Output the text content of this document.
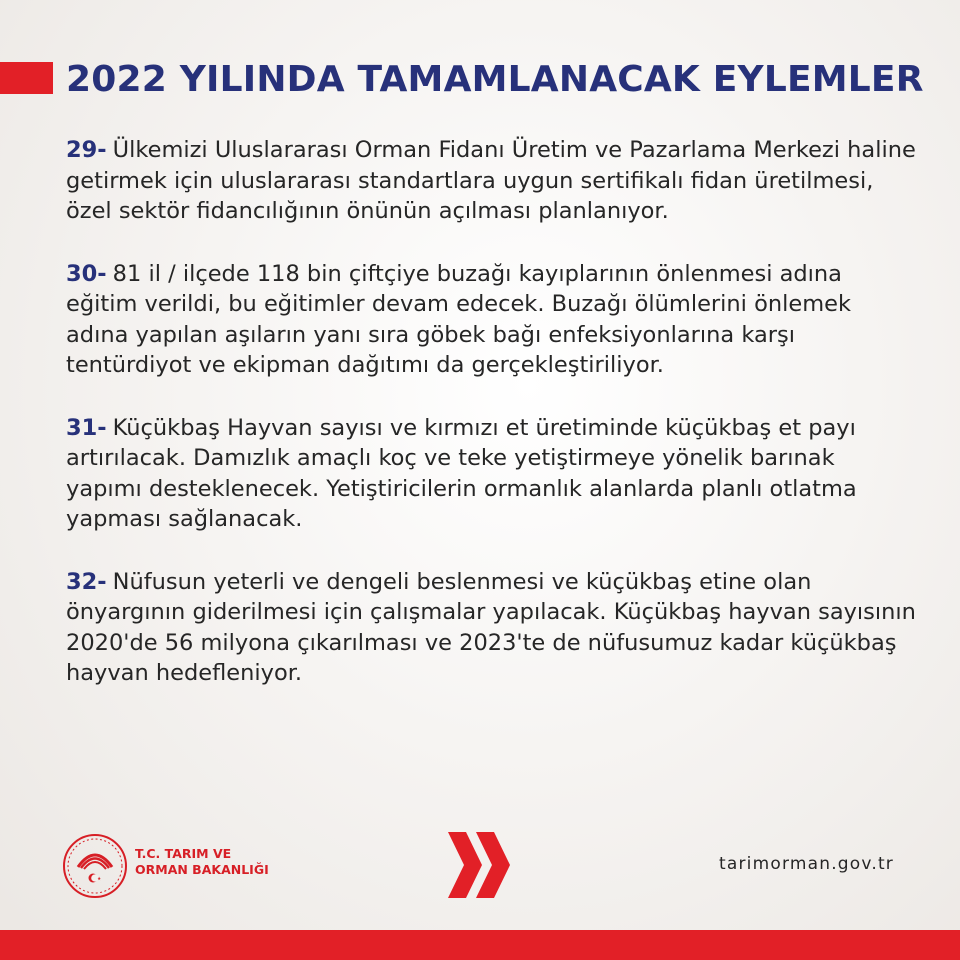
2022 YILINDA TAMAMLANACAK EYLEMLER

29- Ülkemizi Uluslararası Orman Fidanı Üretim ve Pazarlama Merkezi haline getirmek için uluslararası standartlara uygun sertifikalı fidan üretilmesi, özel sektör fidancılığının önünün açılması planlanıyor.

30- 81 il / ilçede 118 bin çiftçiye buzağı kayıplarının önlenmesi adına eğitim verildi, bu eğitimler devam edecek. Buzağı ölümlerini önlemek adına yapılan aşıların yanı sıra göbek bağı enfeksiyonlarına karşı tentürdiyot ve ekipman dağıtımı da gerçekleştiriliyor.

31- Küçükbaş Hayvan sayısı ve kırmızı et üretiminde küçükbaş et payı artırılacak. Damızlık amaçlı koç ve teke yetiştirmeye yönelik barınak yapımı desteklenecek. Yetiştiricilerin ormanlık alanlarda planlı otlatma yapması sağlanacak.

32- Nüfusun yeterli ve dengeli beslenmesi ve küçükbaş etine olan önyargının giderilmesi için çalışmalar yapılacak. Küçükbaş hayvan sayısının 2020'de 56 milyona çıkarılması ve 2023'te de nüfusumuz kadar küçükbaş hayvan hedefleniyor.

T.C. TARIM VE
ORMAN BAKANLIĞI	tarimorman.gov.tr
